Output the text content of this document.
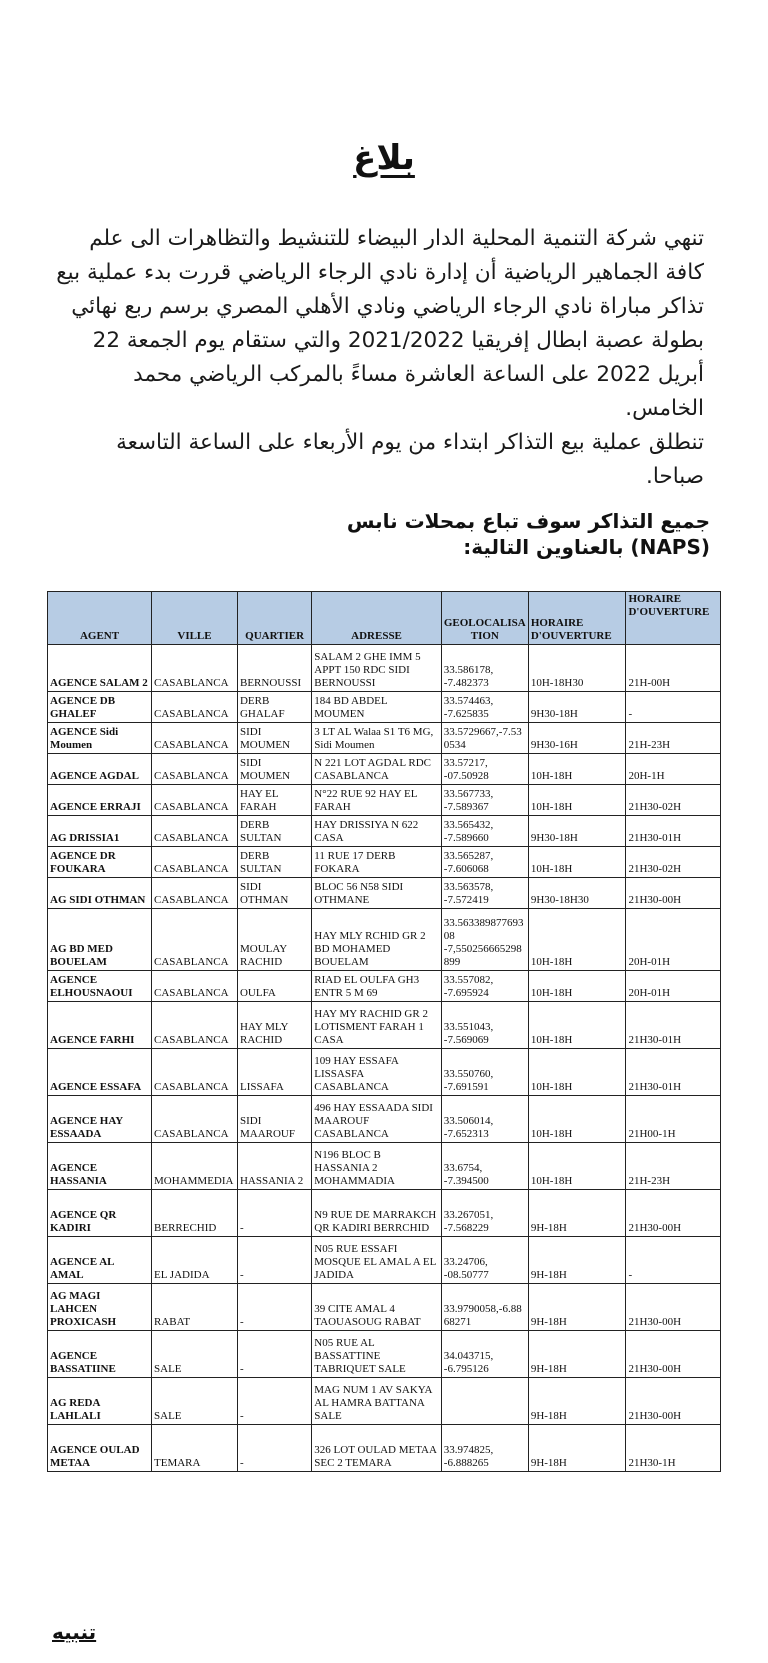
بلاغ

تنهي شركة التنمية المحلية الدار البيضاء للتنشيط والتظاهرات الى علم كافة الجماهير الرياضية أن إدارة نادي الرجاء الرياضي قررت بدء عملية بيع تذاكر مباراة نادي الرجاء الرياضي ونادي الأهلي المصري برسم ربع نهائي بطولة عصبة ابطال إفريقيا 2021/2022 والتي ستقام يوم الجمعة 22 أبريل 2022 على الساعة العاشرة مساءً بالمركب الرياضي محمد الخامس.

تنطلق عملية بيع التذاكر ابتداء من يوم الأربعاء على الساعة التاسعة صباحا.

جميع التذاكر سوف تباع بمحلات نابس
(NAPS) بالعناوين التالية:
AGENT	VILLE	QUARTIER	ADRESSE	GEOLOCALISATION	HORAIRE D'OUVERTURE	HORAIRE D'OUVERTURE
AGENCE SALAM 2	CASABLANCA	BERNOUSSI	SALAM 2 GHE IMM 5 APPT 150 RDC SIDI BERNOUSSI	33.586178, -7.482373	10H-18H30	21H-00H
AGENCE DB GHALEF	CASABLANCA	DERB GHALAF	184 BD ABDEL MOUMEN	33.574463, -7.625835	9H30-18H	-
AGENCE Sidi Moumen	CASABLANCA	SIDI MOUMEN	3 LT AL Walaa S1 T6 MG, Sidi Moumen	33.5729667,-7.530534	9H30-16H	21H-23H
AGENCE AGDAL	CASABLANCA	SIDI MOUMEN	N 221 LOT AGDAL RDC CASABLANCA	33.57217, -07.50928	10H-18H	20H-1H
AGENCE ERRAJI	CASABLANCA	HAY EL FARAH	N°22 RUE 92 HAY EL FARAH	33.567733, -7.589367	10H-18H	21H30-02H
AG DRISSIA1	CASABLANCA	DERB SULTAN	HAY DRISSIYA N 622 CASA	33.565432, -7.589660	9H30-18H	21H30-01H
AGENCE DR FOUKARA	CASABLANCA	DERB SULTAN	11 RUE 17 DERB FOKARA	33.565287, -7.606068	10H-18H	21H30-02H
AG SIDI OTHMAN	CASABLANCA	SIDI OTHMAN	BLOC 56 N58 SIDI OTHMANE	33.563578, -7.572419	9H30-18H30	21H30-00H
AG BD MED BOUELAM	CASABLANCA	MOULAY RACHID	HAY MLY RCHID GR 2 BD MOHAMED BOUELAM	33.56338987769308 -7,550256665298899	10H-18H	20H-01H
AGENCE ELHOUSNAOUI	CASABLANCA	OULFA	RIAD EL OULFA GH3 ENTR 5 M 69	33.557082, -7.695924	10H-18H	20H-01H
AGENCE FARHI	CASABLANCA	HAY MLY RACHID	HAY MY RACHID GR 2 LOTISMENT FARAH 1 CASA	33.551043, -7.569069	10H-18H	21H30-01H
AGENCE ESSAFA	CASABLANCA	LISSAFA	109 HAY ESSAFA LISSASFA CASABLANCA	33.550760, -7.691591	10H-18H	21H30-01H
AGENCE HAY ESSAADA	CASABLANCA	SIDI MAAROUF	496 HAY ESSAADA SIDI MAAROUF CASABLANCA	33.506014, -7.652313	10H-18H	21H00-1H
AGENCE HASSANIA	MOHAMMEDIA	HASSANIA 2	N196 BLOC B HASSANIA 2 MOHAMMADIA	33.6754, -7.394500	10H-18H	21H-23H
AGENCE QR KADIRI	BERRECHID	-	N9 RUE DE MARRAKCH QR KADIRI BERRCHID	33.267051, -7.568229	9H-18H	21H30-00H
AGENCE AL AMAL	EL JADIDA	-	N05 RUE ESSAFI MOSQUE EL AMAL A EL JADIDA	33.24706, -08.50777	9H-18H	-
AG MAGI LAHCEN PROXICASH	RABAT	-	39 CITE AMAL 4 TAOUASOUG RABAT	33.9790058,-6.8868271	9H-18H	21H30-00H
AGENCE BASSATIINE	SALE	-	N05 RUE AL BASSATTINE TABRIQUET SALE	34.043715, -6.795126	9H-18H	21H30-00H
AG REDA LAHLALI	SALE	-	MAG NUM 1 AV SAKYA AL HAMRA BATTANA SALE		9H-18H	21H30-00H
AGENCE OULAD METAA	TEMARA	-	326 LOT OULAD METAA SEC 2 TEMARA	33.974825, -6.888265	9H-18H	21H30-1H
تنبيه
